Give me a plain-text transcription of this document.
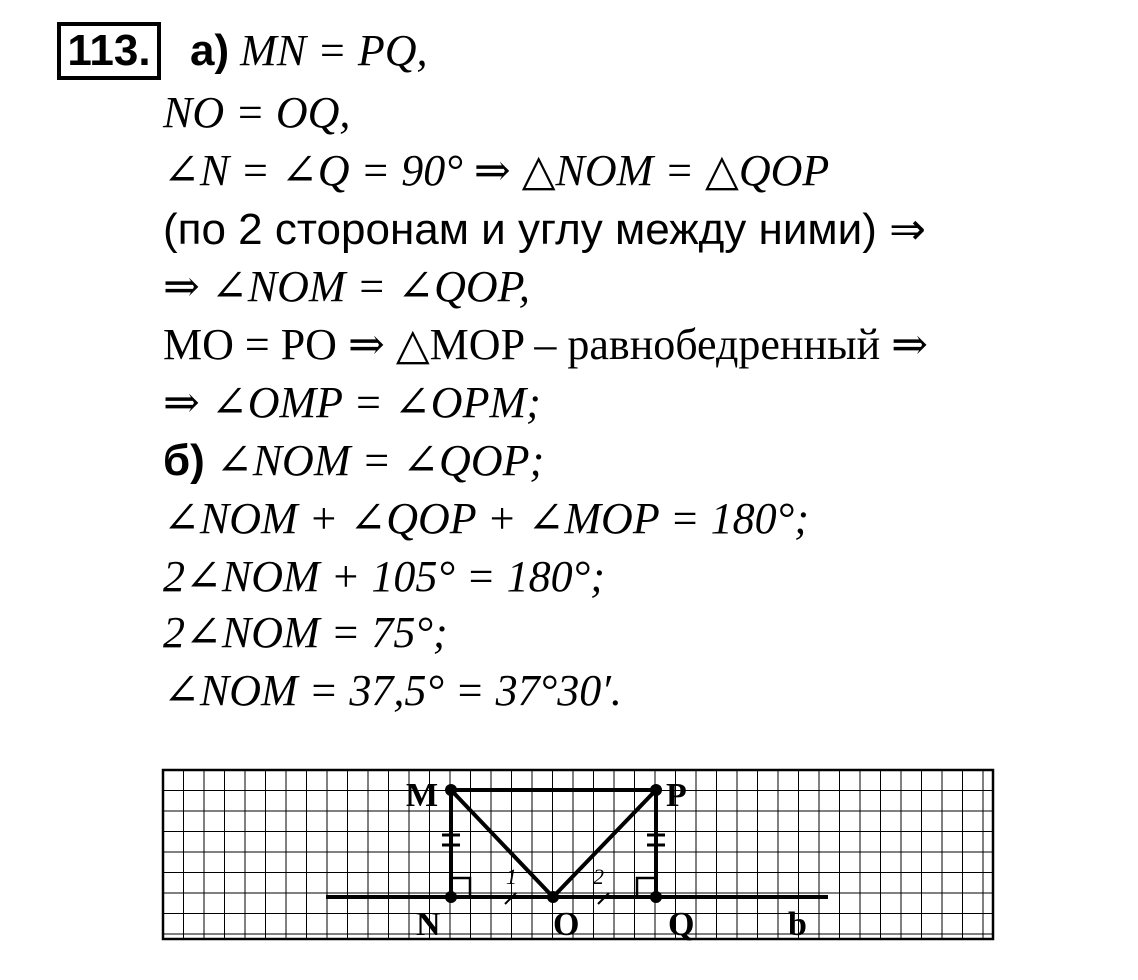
113. а) MN = PQ,
NO = OQ,
∠N = ∠Q = 90° ⇒ △NOM = △QOP
(по 2 сторонам и углу между ними) ⇒
⇒ ∠NOM = ∠QOP,
MO = PO ⇒ △MOP – равнобедренный ⇒
⇒ ∠OMP = ∠OPM;
б) ∠NOM = ∠QOP;
∠NOM + ∠QOP + ∠MOP = 180°;
2∠NOM + 105° = 180°;
2∠NOM = 75°;
∠NOM = 37,5° = 37°30′.
M	P
N	O	Q	b
1	2
